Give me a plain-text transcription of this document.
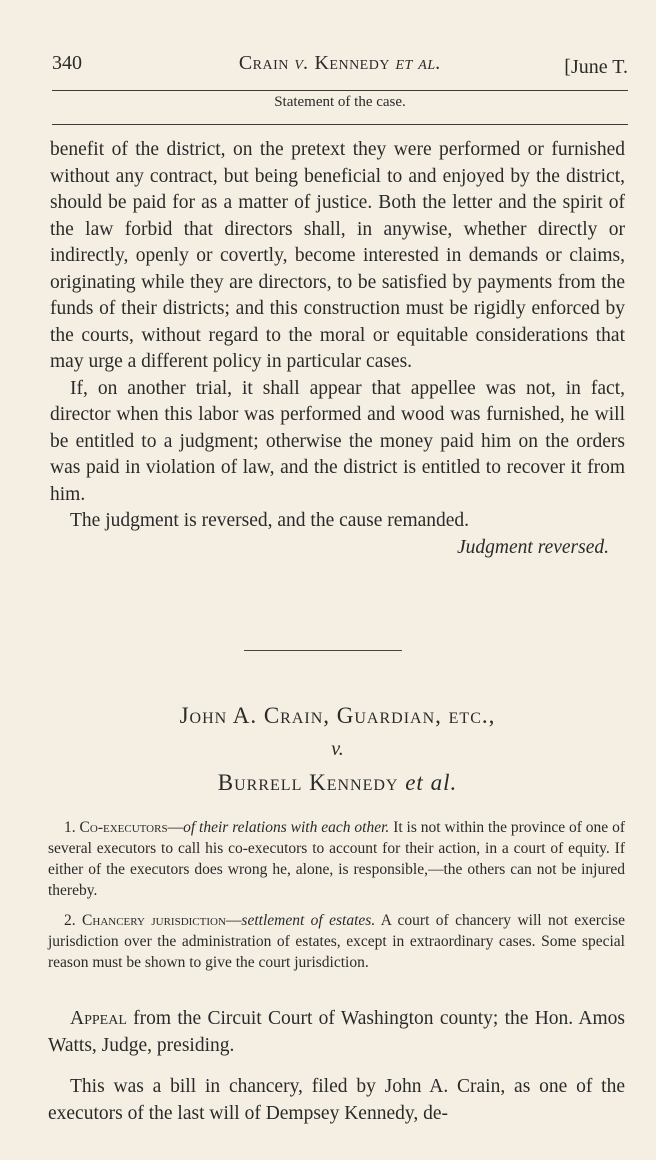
340	Crain v. Kennedy et al.	[June T.
Statement of the case.

benefit of the district, on the pretext they were performed or furnished without any contract, but being beneficial to and enjoyed by the district, should be paid for as a matter of justice. Both the letter and the spirit of the law forbid that directors shall, in anywise, whether directly or indirectly, openly or covertly, become interested in demands or claims, originating while they are directors, to be satisfied by payments from the funds of their districts; and this construction must be rigidly enforced by the courts, without regard to the moral or equitable considerations that may urge a different policy in particular cases.

If, on another trial, it shall appear that appellee was not, in fact, director when this labor was performed and wood was furnished, he will be entitled to a judgment; otherwise the money paid him on the orders was paid in violation of law, and the district is entitled to recover it from him.

The judgment is reversed, and the cause remanded.

Judgment reversed.

John A. Crain, Guardian, etc.,
v.
Burrell Kennedy et al.

1. Co-executors—of their relations with each other. It is not within the province of one of several executors to call his co-executors to account for their action, in a court of equity. If either of the executors does wrong he, alone, is responsible,—the others can not be injured thereby.

2. Chancery jurisdiction—settlement of estates. A court of chancery will not exercise jurisdiction over the administration of estates, except in extraordinary cases. Some special reason must be shown to give the court jurisdiction.

Appeal from the Circuit Court of Washington county; the Hon. Amos Watts, Judge, presiding.

This was a bill in chancery, filed by John A. Crain, as one of the executors of the last will of Dempsey Kennedy, de-
